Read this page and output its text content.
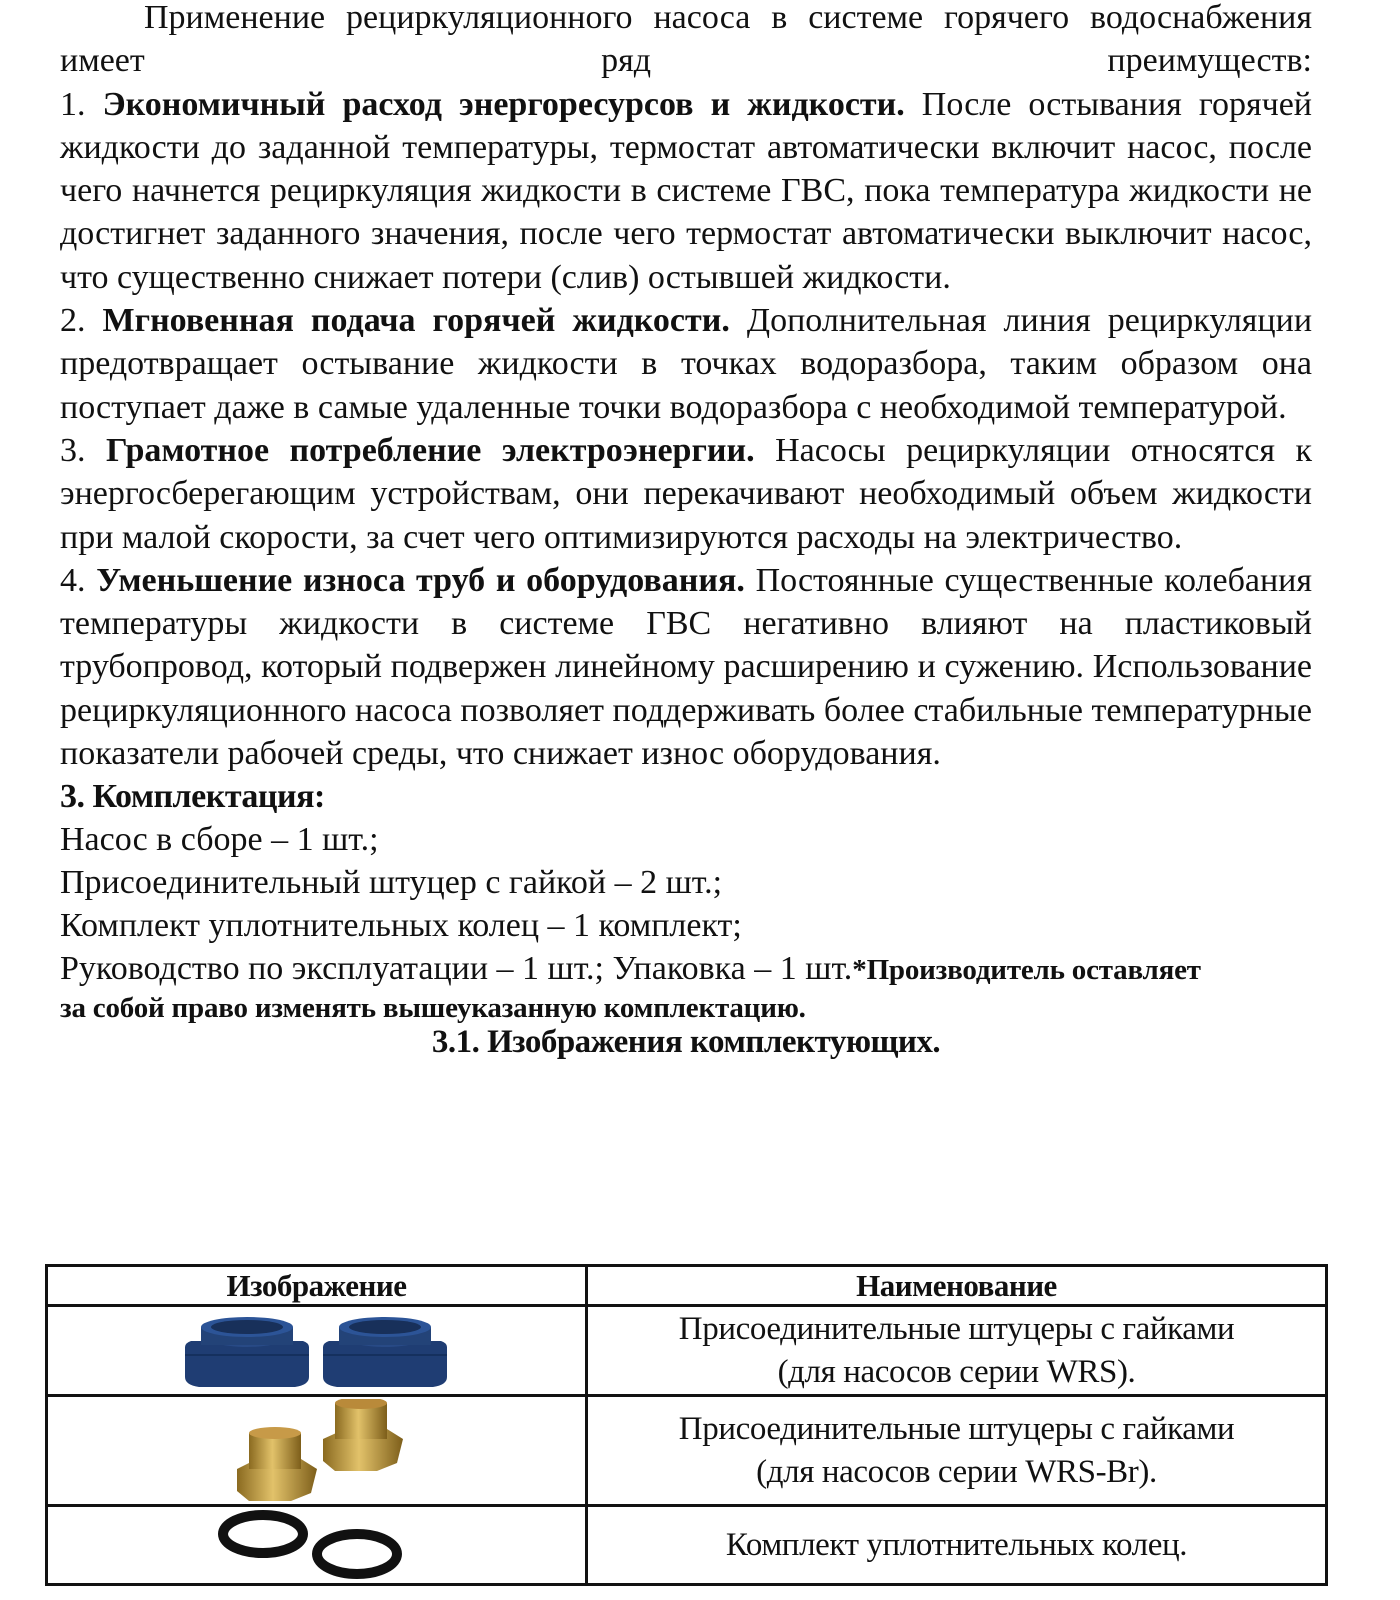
Применение рециркуляционного насоса в системе горячего водоснабжения имеет ряд преимуществ:

1. Экономичный расход энергоресурсов и жидкости. После остывания горячей жидкости до заданной температуры, термостат автоматически включит насос, после чего начнется рециркуляция жидкости в системе ГВС, пока температура жидкости не достигнет заданного значения, после чего термостат автоматически выключит насос, что существенно снижает потери (слив) остывшей жидкости.

2. Мгновенная подача горячей жидкости. Дополнительная линия рециркуляции предотвращает остывание жидкости в точках водоразбора, таким образом она поступает даже в самые удаленные точки водоразбора с необходимой температурой.

3. Грамотное потребление электроэнергии. Насосы рециркуляции относятся к энергосберегающим устройствам, они перекачивают необходимый объем жидкости при малой скорости, за счет чего оптимизируются расходы на электричество.

4. Уменьшение износа труб и оборудования. Постоянные существенные колебания температуры жидкости в системе ГВС негативно влияют на пластиковый трубопровод, который подвержен линейному расширению и сужению. Использование рециркуляционного насоса позволяет поддерживать более стабильные температурные показатели рабочей среды, что снижает износ оборудования.

3. Комплектация:

Насос в сборе – 1 шт.;

Присоединительный штуцер с гайкой – 2 шт.;

Комплект уплотнительных колец – 1 комплект;

Руководство по эксплуатации – 1 шт.; Упаковка – 1 шт.*Производитель оставляет

за собой право изменять вышеуказанную комплектацию.

3.1. Изображения комплектующих.

Изображение	Наименование

Присоединительные штуцеры с гайками
(для насосов серии WRS).

Присоединительные штуцеры с гайками
(для насосов серии WRS-Br).

Комплект уплотнительных колец.
